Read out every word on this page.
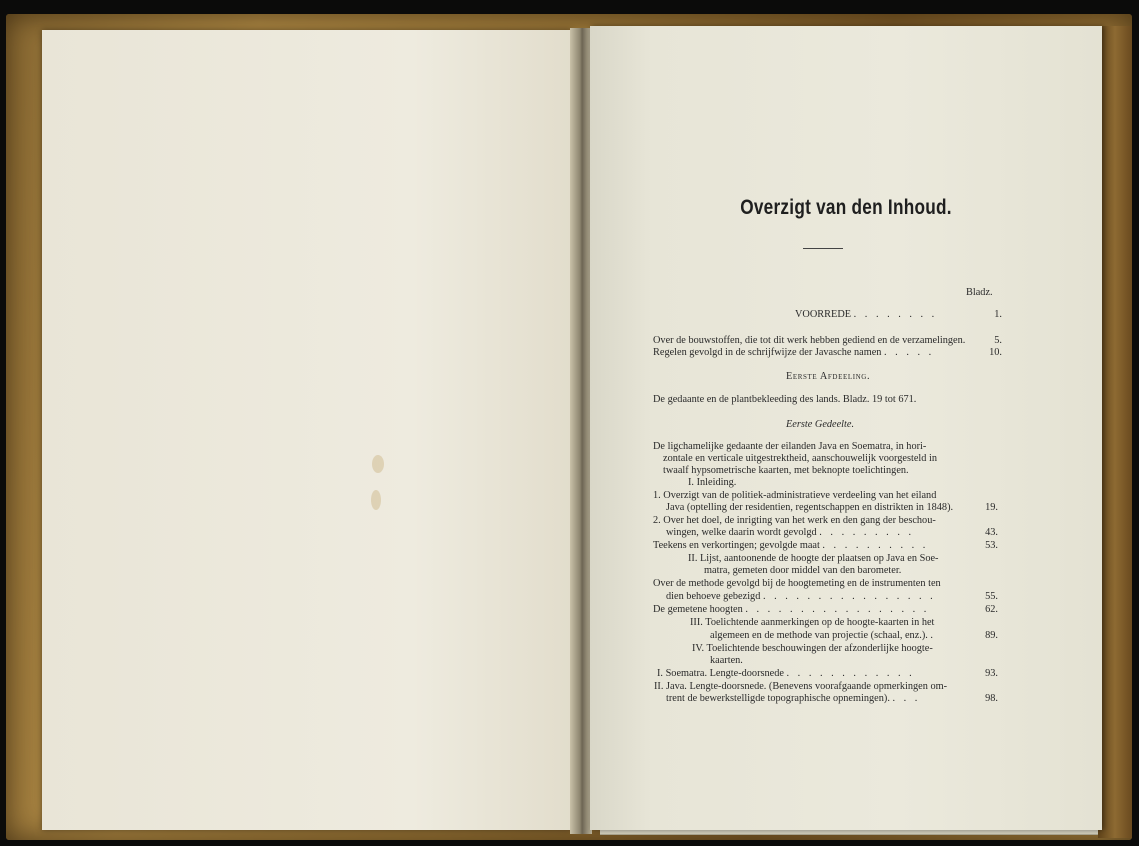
Overzigt van den Inhoud.
Bladz.
VOORREDE . . . . . . . .	1.
Over de bouwstoffen, die tot dit werk hebben gediend en de verzamelingen.	5.
Regelen gevolgd in de schrijfwijze der Javasche namen . . . . .	10.
Eerste Afdeeling.
De gedaante en de plantbekleeding des lands. Bladz. 19 tot 671.
Eerste Gedeelte.
De ligchamelijke gedaante der eilanden Java en Soematra, in hori-
zontale en verticale uitgestrektheid, aanschouwelijk voorgesteld in
twaalf hypsometrische kaarten, met beknopte toelichtingen.
I. Inleiding.
1. Overzigt van de politiek-administratieve verdeeling van het eiland
Java (optelling der residentien, regentschappen en distrikten in 1848).	19.
2. Over het doel, de inrigting van het werk en den gang der beschou-
wingen, welke daarin wordt gevolgd . . . . . . . . .	43.
Teekens en verkortingen; gevolgde maat . . . . . . . . . .	53.
II. Lijst, aantoonende de hoogte der plaatsen op Java en Soe-
matra, gemeten door middel van den barometer.
Over de methode gevolgd bij de hoogtemeting en de instrumenten ten
dien behoeve gebezigd . . . . . . . . . . . . . . . .	55.
De gemetene hoogten . . . . . . . . . . . . . . . . .	62.
III. Toelichtende aanmerkingen op de hoogte-kaarten in het
algemeen en de methode van projectie (schaal, enz.). .	89.
IV. Toelichtende beschouwingen der afzonderlijke hoogte-
kaarten.
I. Soematra. Lengte-doorsnede . . . . . . . . . . . .	93.
II. Java. Lengte-doorsnede. (Benevens voorafgaande opmerkingen om-
trent de bewerkstelligde topographische opnemingen). . . .	98.
